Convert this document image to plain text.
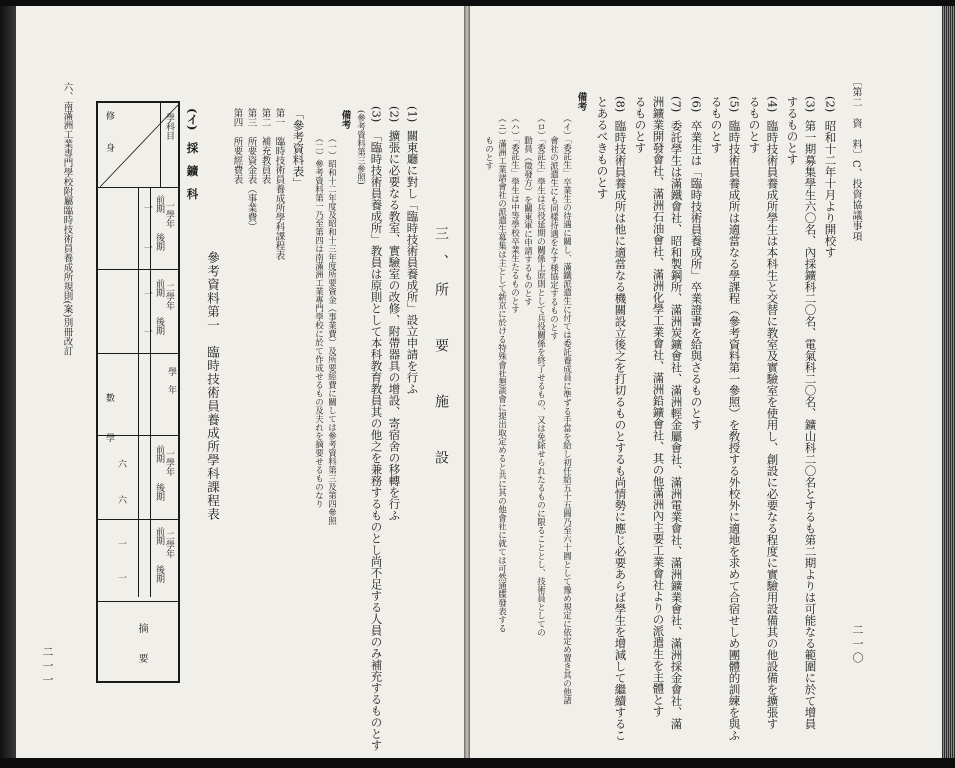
二一一
六、南滿洲工業專門學校附屬臨時技術員養成所規則(案)別冊改訂	修
身
學科目
一學年
前期
後期
二學年
前期
後期
學　年
數
學
一學年
前期
後期
二學年
前期
後期
一
一
一
一
六
六
一
一
摘　　要
(イ)　採　鑛　科
參考資料第一　臨時技術員養成所學科課程表
第四　所要經費表 第三　所要資金表（事業費） 第二　補充教員表 第一　臨時技術員養成所學科課程表 「參考資料表」 （二）參考資料第一乃至第四は南滿洲工業專門學校に於て作成せるもの及夫れを摘要せるものなり （一）昭和十二年度及昭和十三年度所要資金（事業費）及所要經費に關しては參考資料第三及第四參照
備考 (參考資料第三參照) (3)
「臨時技術員養成所」教員は原則として本科教育教員其の他之を兼務するものとし尚不足する人員のみ補充するものとす
(2)
擴張に必要なる教室、實驗室の改修、附帶器具の增設、寄宿舍の移轉を行ふ
(1)
關東廳に對し「臨時技術員養成所」設立申請を行ふ 三、所　要　施　設
ものとす （ニ）滿洲工業諸會社の派遣生募集は主として新京に於ける特殊會社懇談會に提出取定めると共に其の他會社に就ては可然通牒發表する （ハ）「委託生」學生は中等學校卒業生たるものとす 動員（徵發方）を關東軍に申請するものとす （ロ）「委託生」學生は兵役延期の關係上原則として兵役關係を終了せるもの、又は免除せられたるものに限ることとし、技術員としての 會社の派遣生にも同樣待遇をなす様協定するものとす （イ）「委託生」卒業生の待遇に關し、滿鐵派遣生に付ては委託養成員に準ずる手當を給し初任給五十五圓乃至六十圓として豫め規定に依定め置き其の他諸
備考 とあるべきものとす (8)
臨時技術員養成所は他に適當なる機關設立後之を打切るものとするも尚情勢に應じ必要あらば學生を增減して繼續するこ るものとす 洲鑛業開發會社、滿洲石油會社、滿洲化學工業會社、滿洲鉛鑛會社、其の他滿洲內主要工業會社よりの派遣生を主體とす (7)
委託學生は滿鐵會社、昭和製鋼所、滿洲炭鑛會社、滿洲輕金屬會社、滿洲電業會社、滿洲鑛業會社、滿洲採金會社、滿
(6)
卒業生は「臨時技術員養成所」卒業證書を給與さるものとす るものとす (5)
臨時技術員養成所は適當なる學課程（參考資料第一參照）を敎授する外校外に適地を求めて合宿せしめ團體的訓練を與ふ るものとす (4)
臨時技術員養成所學生は本科生と交替に教室及實驗室を使用し、創設に必要なる程度に實驗用設備其の他設備を擴張す するものとす (3)
第一期募集學生六〇名、內採鑛科二〇名、電氣科二〇名、鑛山科二〇名とするも第二期よりは可能なる範圍に於て增員
(2)
昭和十二年十月より開校す 〔第二　資　料〕C、投資協議事項
二一〇
